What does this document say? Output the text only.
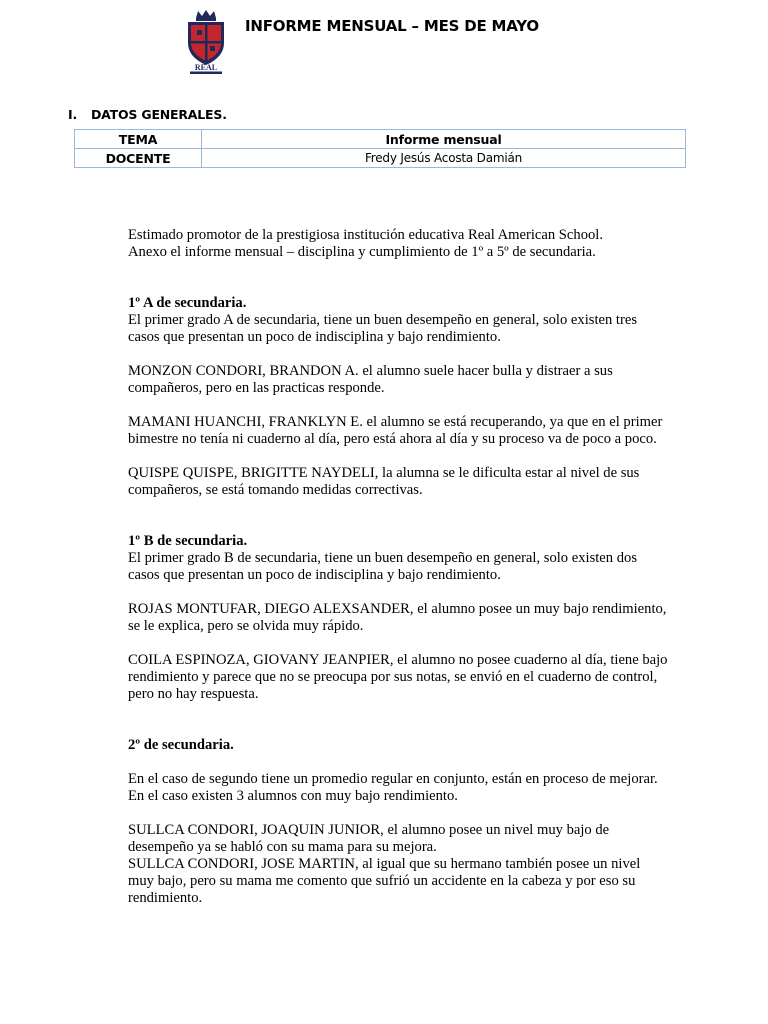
REAL
INFORME MENSUAL – MES DE MAYO
I. DATOS GENERALES.
TEMA	Informe mensual
DOCENTE	Fredy Jesús Acosta Damián

Estimado promotor de la prestigiosa institución educativa Real American School.

Anexo el informe mensual – disciplina y cumplimiento de 1º a 5º de secundaria.

1º A de secundaria.

El primer grado A de secundaria, tiene un buen desempeño en general, solo existen tres casos que presentan un poco de indisciplina y bajo rendimiento.

MONZON CONDORI, BRANDON A. el alumno suele hacer bulla y distraer a sus compañeros, pero en las practicas responde.

MAMANI HUANCHI, FRANKLYN E. el alumno se está recuperando, ya que en el primer bimestre no tenía ni cuaderno al día, pero está ahora al día y su proceso va de poco a poco.

QUISPE QUISPE, BRIGITTE NAYDELI, la alumna se le dificulta estar al nivel de sus compañeros, se está tomando medidas correctivas.

1º B de secundaria.

El primer grado B de secundaria, tiene un buen desempeño en general, solo existen dos casos que presentan un poco de indisciplina y bajo rendimiento.

ROJAS MONTUFAR, DIEGO ALEXSANDER, el alumno posee un muy bajo rendimiento, se le explica, pero se olvida muy rápido.

COILA ESPINOZA, GIOVANY JEANPIER, el alumno no posee cuaderno al día, tiene bajo rendimiento y parece que no se preocupa por sus notas, se envió en el cuaderno de control, pero no hay respuesta.

2º de secundaria.

En el caso de segundo tiene un promedio regular en conjunto, están en proceso de mejorar. En el caso existen 3 alumnos con muy bajo rendimiento.

SULLCA CONDORI, JOAQUIN JUNIOR, el alumno posee un nivel muy bajo de desempeño ya se habló con su mama para su mejora.

SULLCA CONDORI, JOSE MARTIN, al igual que su hermano también posee un nivel muy bajo, pero su mama me comento que sufrió un accidente en la cabeza y por eso su rendimiento.
